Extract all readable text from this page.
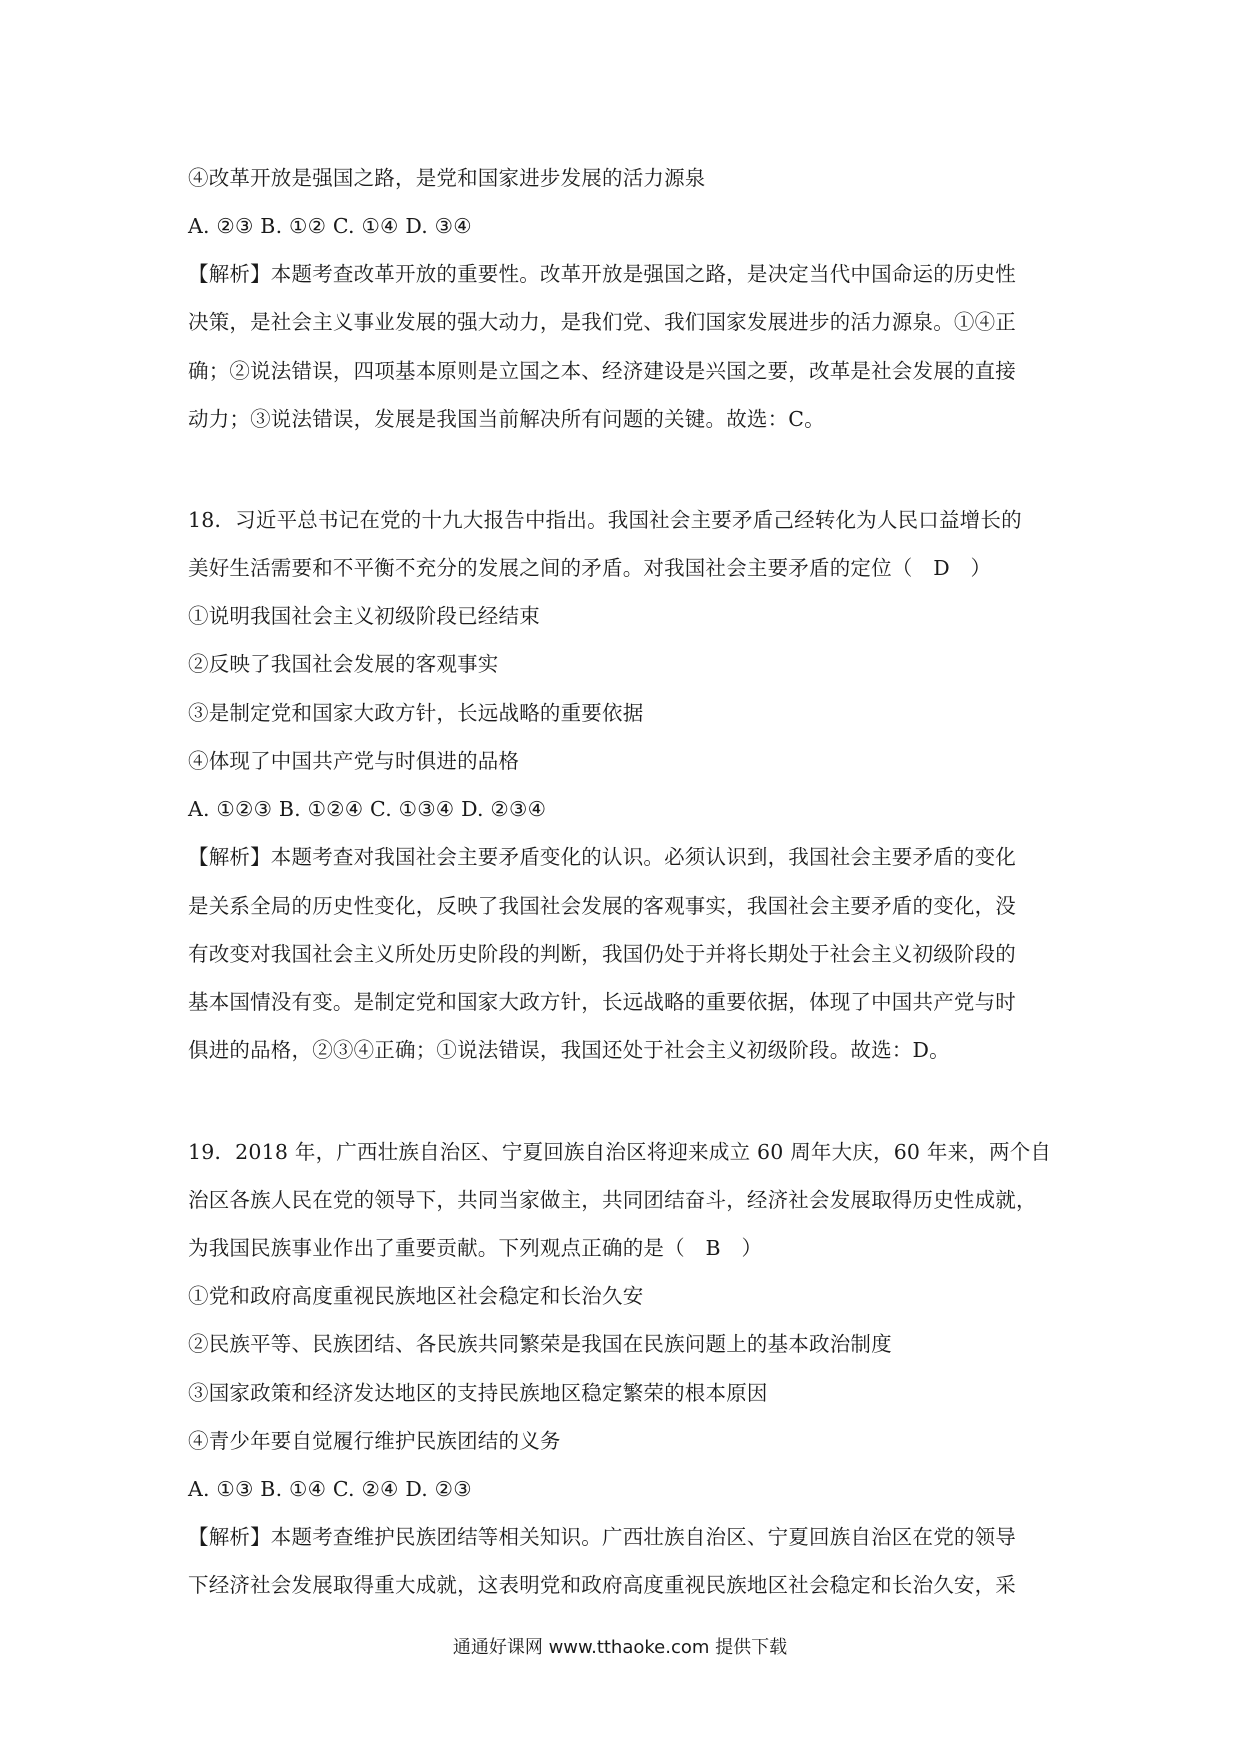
④改革开放是强国之路，是党和国家进步发展的活力源泉
A. ②③ B. ①② C. ①④ D. ③④
【解析】本题考查改革开放的重要性。改革开放是强国之路，是决定当代中国命运的历史性
决策，是社会主义事业发展的强大动力，是我们党、我们国家发展进步的活力源泉。①④正
确；②说法错误，四项基本原则是立国之本、经济建设是兴国之要，改革是社会发展的直接
动力；③说法错误，发展是我国当前解决所有问题的关键。故选：C。
18．习近平总书记在党的十九大报告中指出。我国社会主要矛盾己经转化为人民口益增长的
美好生活需要和不平衡不充分的发展之间的矛盾。对我国社会主要矛盾的定位（　D　）
①说明我国社会主义初级阶段已经结束
②反映了我国社会发展的客观事实
③是制定党和国家大政方针，长远战略的重要依据
④体现了中国共产党与时俱进的品格
A. ①②③ B. ①②④ C. ①③④ D. ②③④
【解析】本题考查对我国社会主要矛盾变化的认识。必须认识到，我国社会主要矛盾的变化
是关系全局的历史性变化，反映了我国社会发展的客观事实，我国社会主要矛盾的变化，没
有改变对我国社会主义所处历史阶段的判断，我国仍处于并将长期处于社会主义初级阶段的
基本国情没有变。是制定党和国家大政方针，长远战略的重要依据，体现了中国共产党与时
俱进的品格，②③④正确；①说法错误，我国还处于社会主义初级阶段。故选：D。
19．2018 年，广西壮族自治区、宁夏回族自治区将迎来成立 60 周年大庆，60 年来，两个自
治区各族人民在党的领导下，共同当家做主，共同团结奋斗，经济社会发展取得历史性成就，
为我国民族事业作出了重要贡献。下列观点正确的是（　B　）
①党和政府高度重视民族地区社会稳定和长治久安
②民族平等、民族团结、各民族共同繁荣是我国在民族问题上的基本政治制度
③国家政策和经济发达地区的支持民族地区稳定繁荣的根本原因
④青少年要自觉履行维护民族团结的义务
A. ①③ B. ①④ C. ②④ D. ②③
【解析】本题考查维护民族团结等相关知识。广西壮族自治区、宁夏回族自治区在党的领导
下经济社会发展取得重大成就，这表明党和政府高度重视民族地区社会稳定和长治久安，采
通通好课网 www.tthaoke.com 提供下载
